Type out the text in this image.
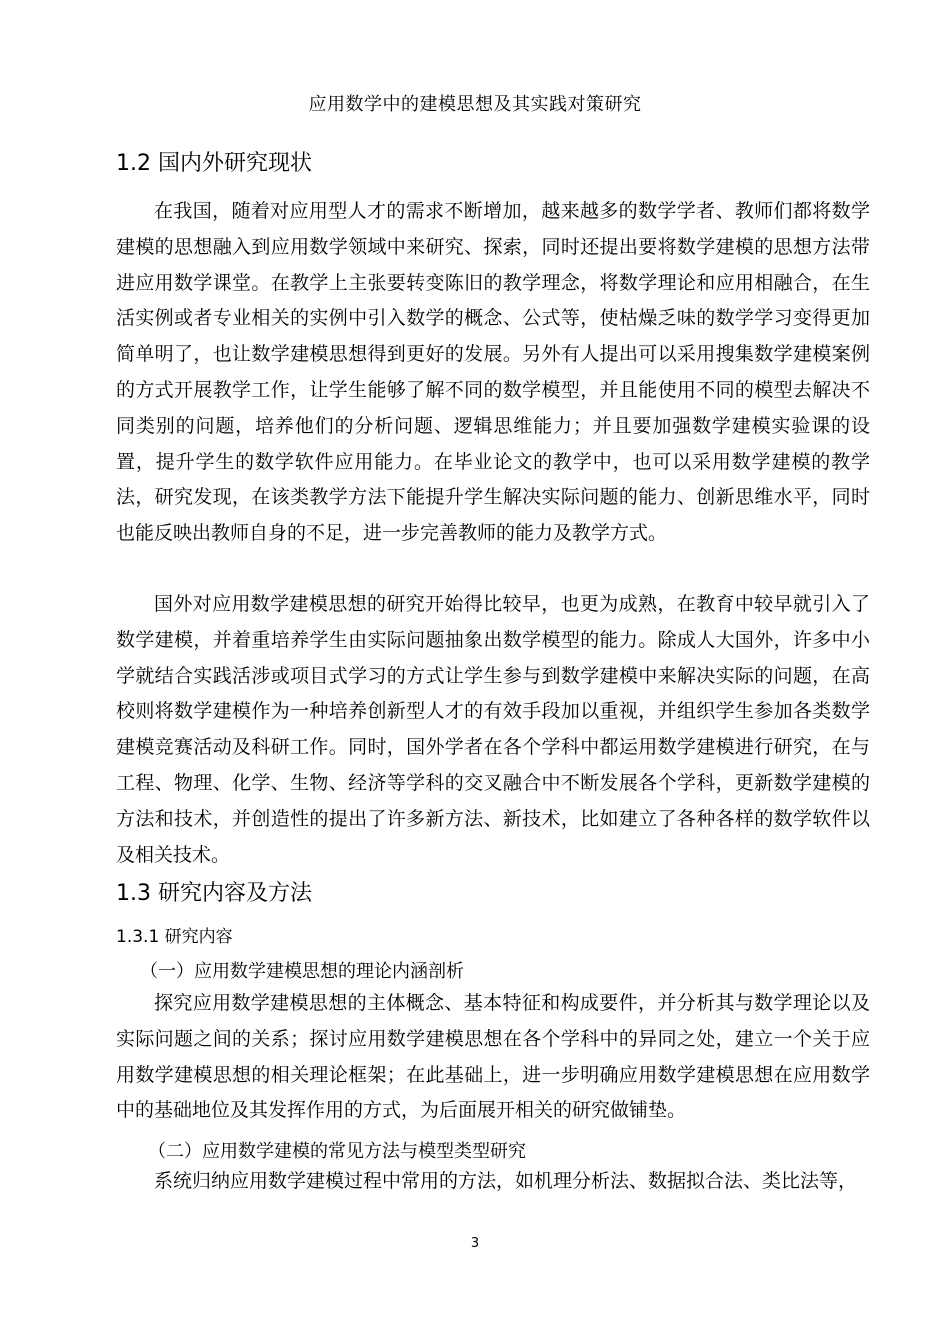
应用数学中的建模思想及其实践对策研究
1.2 国内外研究现状

在我国，随着对应用型人才的需求不断增加，越来越多的数学学者、教师们都将数学建模的思想融入到应用数学领域中来研究、探索，同时还提出要将数学建模的思想方法带进应用数学课堂。在教学上主张要转变陈旧的教学理念，将数学理论和应用相融合，在生活实例或者专业相关的实例中引入数学的概念、公式等，使枯燥乏味的数学学习变得更加简单明了，也让数学建模思想得到更好的发展。另外有人提出可以采用搜集数学建模案例的方式开展教学工作，让学生能够了解不同的数学模型，并且能使用不同的模型去解决不同类别的问题，培养他们的分析问题、逻辑思维能力；并且要加强数学建模实验课的设置，提升学生的数学软件应用能力。在毕业论文的教学中，也可以采用数学建模的教学法，研究发现，在该类教学方法下能提升学生解决实际问题的能力、创新思维水平，同时也能反映出教师自身的不足，进一步完善教师的能力及教学方式。

国外对应用数学建模思想的研究开始得比较早，也更为成熟，在教育中较早就引入了数学建模，并着重培养学生由实际问题抽象出数学模型的能力。除成人大国外，许多中小学就结合实践活涉或项目式学习的方式让学生参与到数学建模中来解决实际的问题，在高校则将数学建模作为一种培养创新型人才的有效手段加以重视，并组织学生参加各类数学建模竞赛活动及科研工作。同时，国外学者在各个学科中都运用数学建模进行研究，在与工程、物理、化学、生物、经济等学科的交叉融合中不断发展各个学科，更新数学建模的方法和技术，并创造性的提出了许多新方法、新技术，比如建立了各种各样的数学软件以及相关技术。

1.3 研究内容及方法
1.3.1 研究内容
（一）应用数学建模思想的理论内涵剖析

探究应用数学建模思想的主体概念、基本特征和构成要件，并分析其与数学理论以及实际问题之间的关系；探讨应用数学建模思想在各个学科中的异同之处，建立一个关于应用数学建模思想的相关理论框架；在此基础上，进一步明确应用数学建模思想在应用数学中的基础地位及其发挥作用的方式，为后面展开相关的研究做铺垫。

（二）应用数学建模的常见方法与模型类型研究

系统归纳应用数学建模过程中常用的方法，如机理分析法、数据拟合法、类比法等，

3
